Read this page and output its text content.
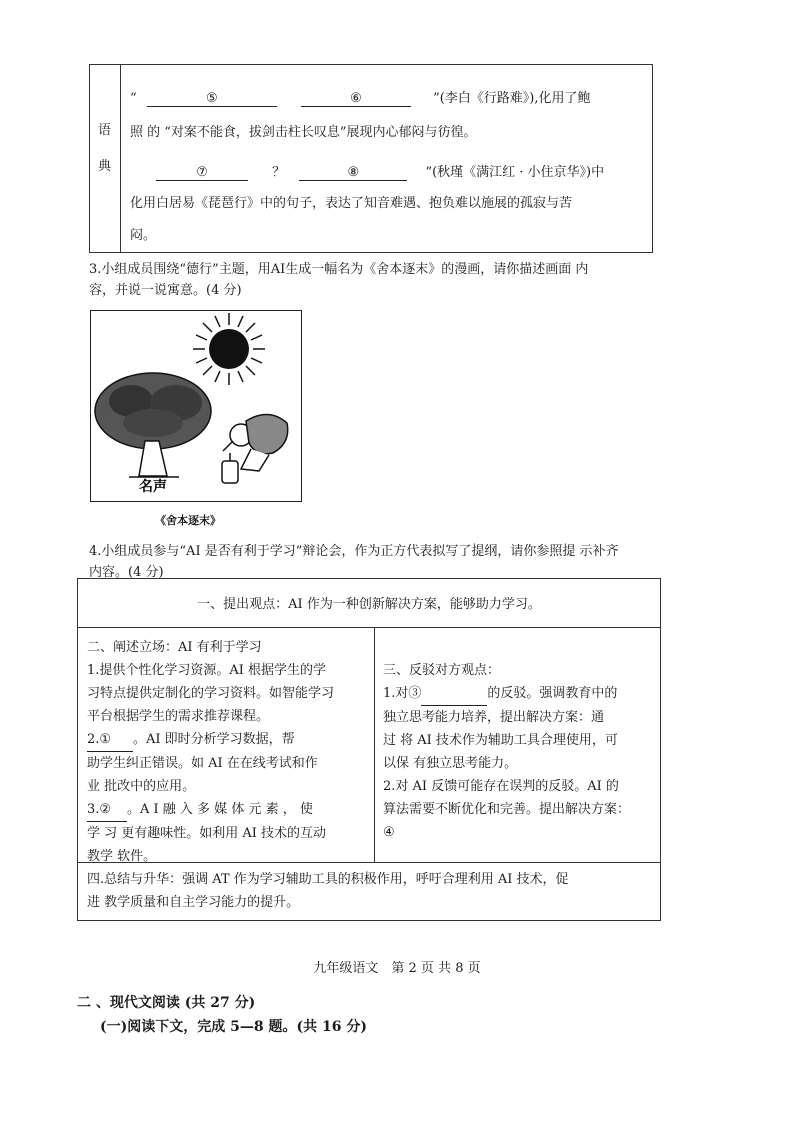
语
典
“	⑤	⑥	”(李白《行路难》),化用了鲍
照 的 “对案不能食，拔剑击柱长叹息”展现内心郁闷与彷徨。
⑦	？	⑧	”(秋瑾《满江红 · 小住京华》)中
化用白居易《琵琶行》中的句子，表达了知音难遇、抱负难以施展的孤寂与苦
闷。
3.小组成员围绕“德行”主题，用AI生成一幅名为《舍本逐末》的漫画，请你描述画面 内
容，并说一说寓意。(4 分)
名声
《舍本逐末》
4.小组成员参与“AI 是否有利于学习”辩论会，作为正方代表拟写了提纲，请你参照提 示补齐
内容。(4 分)
一、提出观点：AI 作为一种创新解决方案，能够助力学习。
二、阐述立场：AI 有利于学习
1.提供个性化学习资源。AI 根据学生的学
习特点提供定制化的学习资料。如智能学习
平台根据学生的需求推荐课程。
2.① 。AI 即时分析学习数据，帮
助学生纠正错误。如 AI 在在线考试和作
业 批改中的应用。
3.② 。A I 融 入 多 媒 体 元 素 ， 使
学 习 更有趣味性。如利用 AI 技术的互动
教学 软件。
三、反驳对方观点：
1.对③	的反驳。强调教育中的
独立思考能力培养，提出解决方案：通
过 将 AI 技术作为辅助工具合理使用，可
以保 有独立思考能力。
2.对 AI 反馈可能存在误判的反驳。AI 的
算法需要不断优化和完善。提出解决方案：
④
四.总结与升华：强调 AT 作为学习辅助工具的积极作用，呼吁合理利用 AI 技术，促
进 教学质量和自主学习能力的提升。
九年级语文　第 2 页 共 8 页
二 、现代文阅读 (共 27 分)
(一)阅读下文，完成 5—8 题。(共 16 分)
